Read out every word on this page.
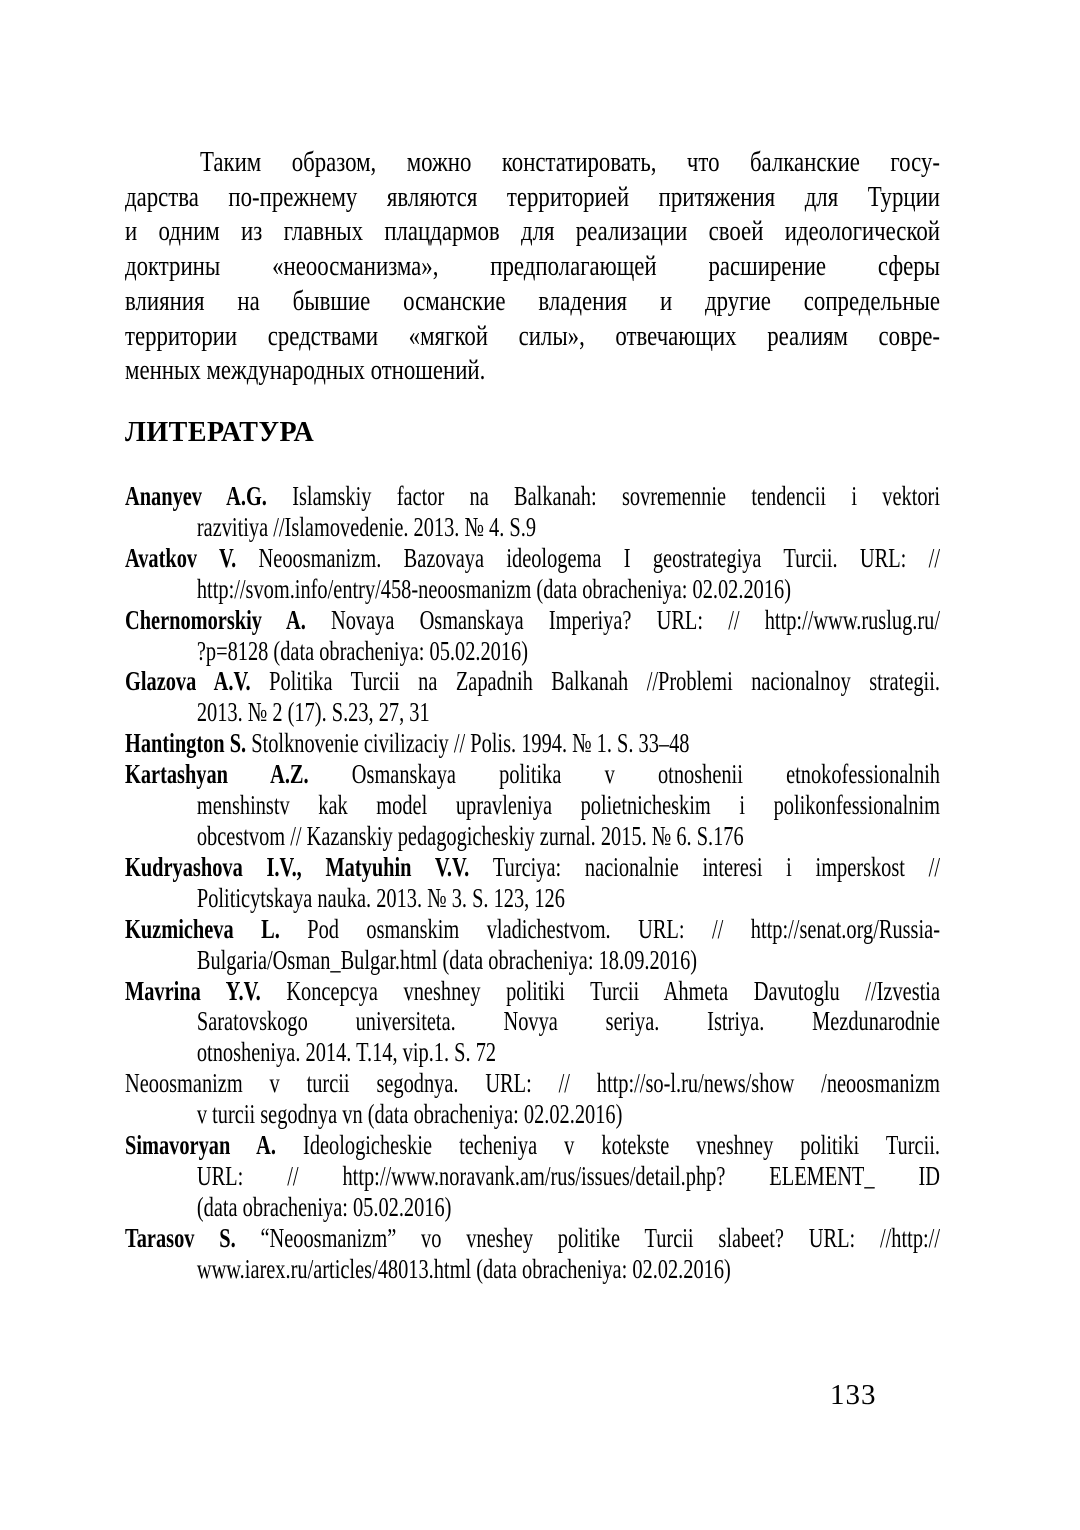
Таким образом, можно констатировать, что балканские госу-
дарства по-прежнему являются территорией притяжения для Турции
и одним из главных плацдармов для реализации своей идеологической
доктрины «неоосманизма», предполагающей расширение сферы
влияния на бывшие османские владения и другие сопредельные
территории средствами «мягкой силы», отвечающих реалиям совре-
менных международных отношений.
ЛИТЕРАТУРА
Ananyev A.G. Islamskiy factor na Balkanah: sovremennie tendencii i vektori
razvitiya //Islamovedenie. 2013. № 4. S.9
Avatkov V. Neoosmanizm. Bazovaya ideologema I geostrategiya Turcii. URL: //
http://svom.info/entry/458-neoosmanizm (data obracheniya: 02.02.2016)
Chernomorskiy A. Novaya Osmanskaya Imperiya? URL: // http://www.ruslug.ru/
?p=8128 (data obracheniya: 05.02.2016)
Glazova A.V. Politika Turcii na Zapadnih Balkanah //Problemi nacionalnoy strategii.
2013. № 2 (17). S.23, 27, 31
Hantington S. Stolknovenie civilizaciy // Polis. 1994. № 1. S. 33–48
Kartashyan A.Z. Osmanskaya politika v otnoshenii etnokofessionalnih
menshinstv kak model upravleniya polietnicheskim i polikonfessionalnim
obcestvom // Kazanskiy pedagogicheskiy zurnal. 2015. № 6. S.176
Kudryashova I.V., Matyuhin V.V. Turciya: nacionalnie interesi i imperskost //
Politicytskaya nauka. 2013. № 3. S. 123, 126
Kuzmicheva L. Pod osmanskim vladichestvom. URL: // http://senat.org/Russia-
Bulgaria/Osman_Bulgar.html (data obracheniya: 18.09.2016)
Mavrina Y.V. Koncepcya vneshney politiki Turcii Ahmeta Davutoglu //Izvestia
Saratovskogo universiteta. Novya seriya. Istriya. Mezdunarodnie
otnosheniya. 2014. T.14, vip.1. S. 72
Neoosmanizm v turcii segodnya. URL: // http://so-l.ru/news/show /neoosmanizm
v turcii segodnya vn (data obracheniya: 02.02.2016)
Simavoryan A. Ideologicheskie techeniya v kotekste vneshney politiki Turcii.
URL: // http://www.noravank.am/rus/issues/detail.php? ELEMENT_ ID
(data obracheniya: 05.02.2016)
Tarasov S. “Neoosmanizm” vo vneshey politike Turcii slabeet? URL: //http://
www.iarex.ru/articles/48013.html (data obracheniya: 02.02.2016)
133
